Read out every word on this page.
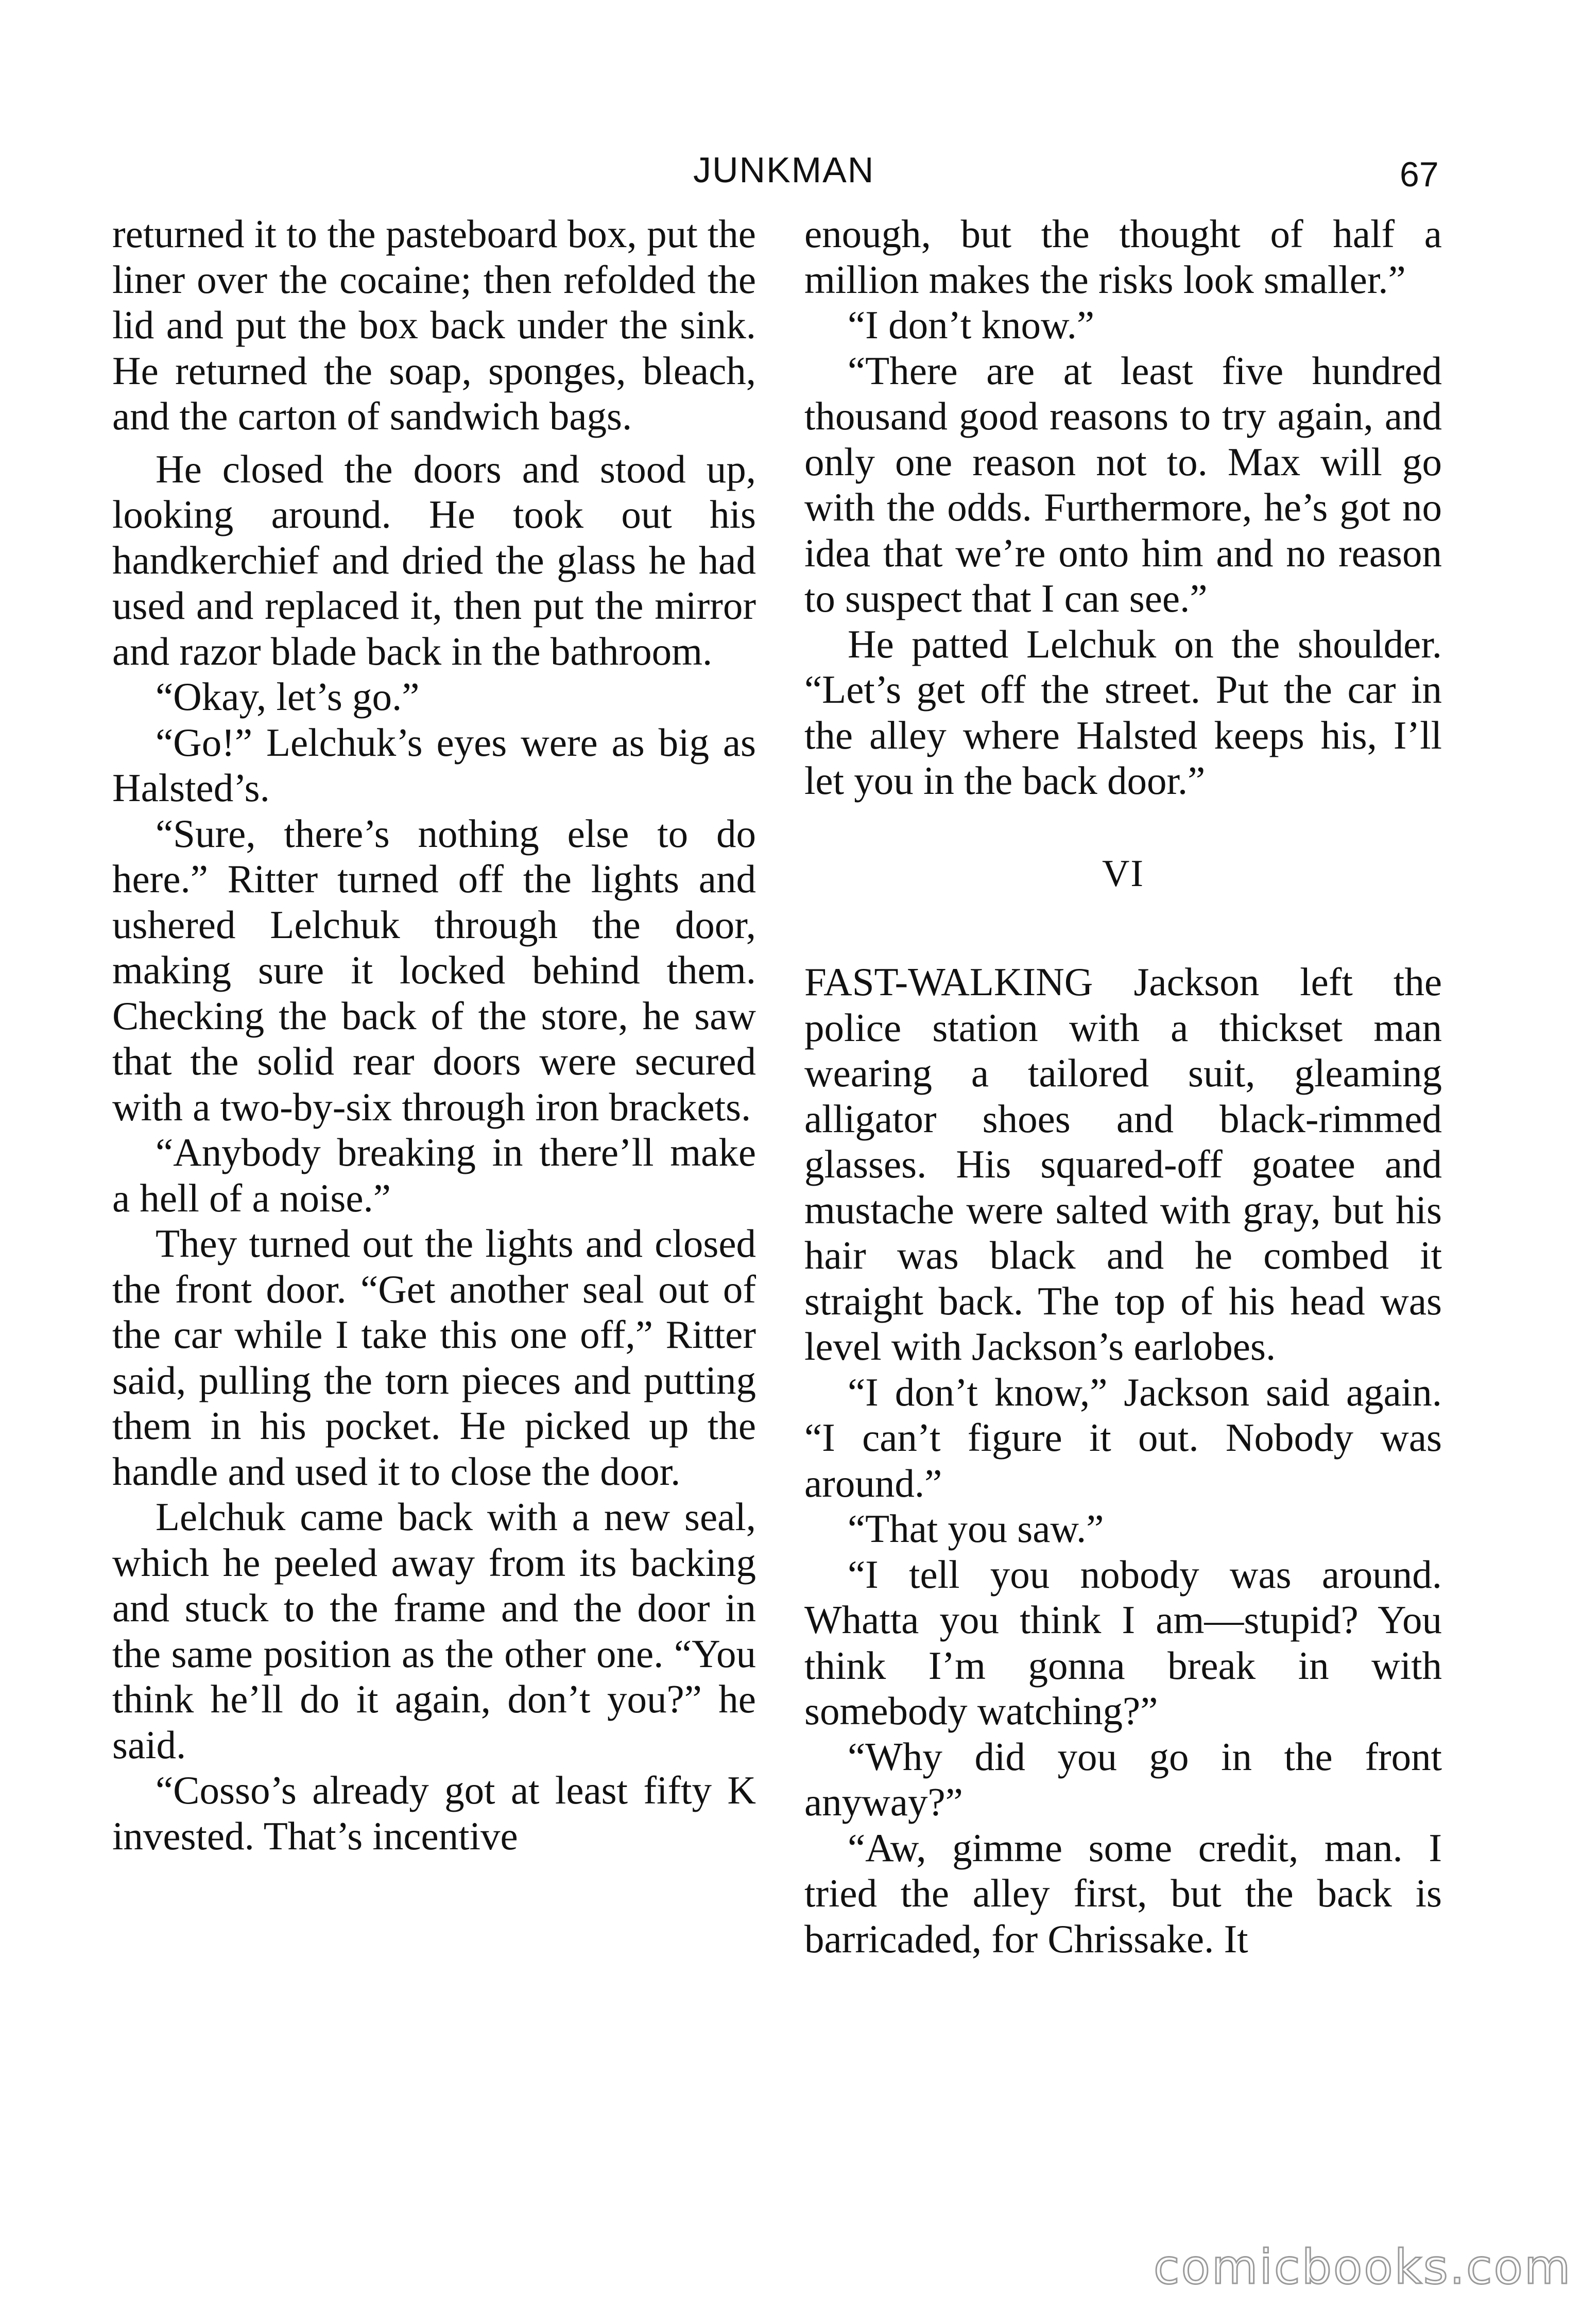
JUNKMAN	67

returned it to the pasteboard box, put the liner over the cocaine; then refolded the lid and put the box back under the sink. He returned the soap, sponges, bleach, and the carton of sandwich bags.

He closed the doors and stood up, looking around. He took out his handkerchief and dried the glass he had used and replaced it, then put the mirror and razor blade back in the bathroom.

“Okay, let’s go.”

“Go!” Lelchuk’s eyes were as big as Halsted’s.

“Sure, there’s nothing else to do here.” Ritter turned off the lights and ushered Lelchuk through the door, making sure it locked behind them. Checking the back of the store, he saw that the solid rear doors were secured with a two-by-six through iron brackets.

“Anybody breaking in there’ll make a hell of a noise.”

They turned out the lights and closed the front door. “Get another seal out of the car while I take this one off,” Ritter said, pulling the torn pieces and putting them in his pocket. He picked up the handle and used it to close the door.

Lelchuk came back with a new seal, which he peeled away from its backing and stuck to the frame and the door in the same position as the other one. “You think he’ll do it again, don’t you?” he said.

“Cosso’s already got at least fifty K invested. That’s incentive

enough, but the thought of half a million makes the risks look smaller.”

“I don’t know.”

“There are at least five hundred thousand good reasons to try again, and only one reason not to. Max will go with the odds. Furthermore, he’s got no idea that we’re onto him and no reason to suspect that I can see.”

He patted Lelchuk on the shoulder. “Let’s get off the street. Put the car in the alley where Halsted keeps his, I’ll let you in the back door.”

VI

FAST-WALKING Jackson left the police station with a thickset man wearing a tailored suit, gleaming alligator shoes and black-rimmed glasses. His squared-off goatee and mustache were salted with gray, but his hair was black and he combed it straight back. The top of his head was level with Jackson’s earlobes.

“I don’t know,” Jackson said again. “I can’t figure it out. Nobody was around.”

“That you saw.”

“I tell you nobody was around. Whatta you think I am—stupid? You think I’m gonna break in with somebody watching?”

“Why did you go in the front anyway?”

“Aw, gimme some credit, man. I tried the alley first, but the back is barricaded, for Chrissake. It

comicbooks.com
